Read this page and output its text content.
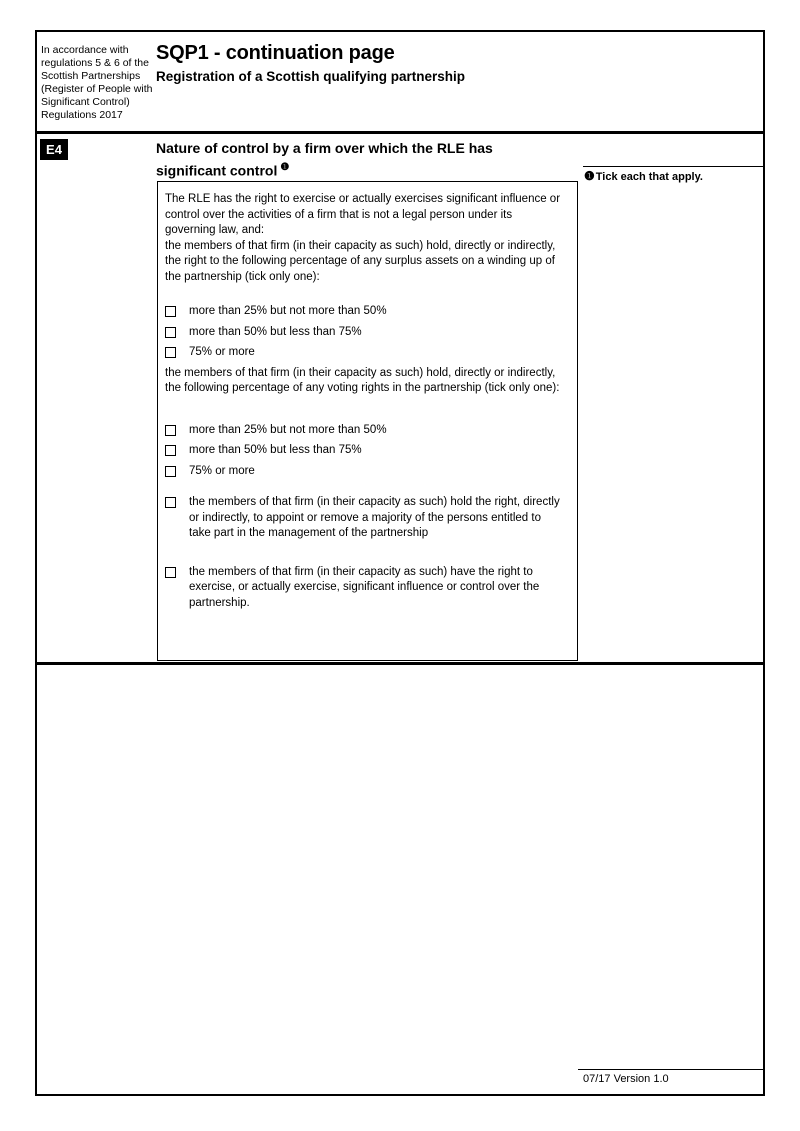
In accordance with regulations 5 & 6 of the Scottish Partnerships (Register of People with Significant Control) Regulations 2017
SQP1 - continuation page
Registration of a Scottish qualifying partnership
E4	Nature of control by a firm over which the RLE has
significant control $^❶$
❶Tick each that apply.

The RLE has the right to exercise or actually exercises significant influence or control over the activities of a firm that is not a legal person under its governing law, and:

the members of that firm (in their capacity as such) hold, directly or indirectly, the right to the following percentage of any surplus assets on a winding up of the partnership (tick only one):

more than 25% but not more than 50%
more than 50% but less than 75%
75% or more

the members of that firm (in their capacity as such) hold, directly or indirectly, the following percentage of any voting rights in the partnership (tick only one):

more than 25% but not more than 50%
more than 50% but less than 75%
75% or more
the members of that firm (in their capacity as such) hold the right, directly or indirectly, to appoint or remove a majority of the persons entitled to take part in the management of the partnership
the members of that firm (in their capacity as such) have the right to exercise, or actually exercise, significant influence or control over the partnership.
07/17 Version 1.0
